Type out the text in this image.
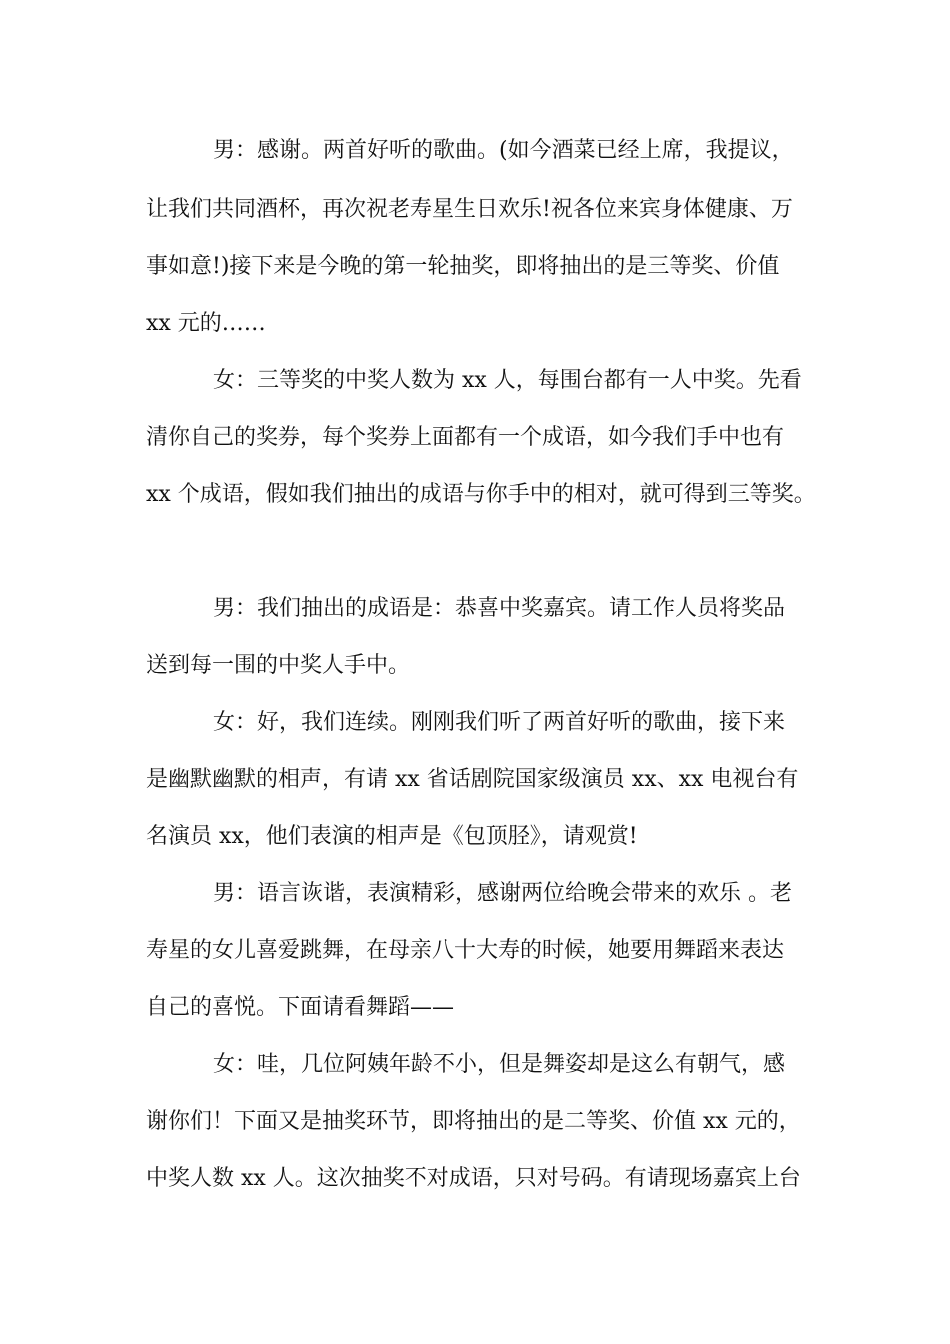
男：感谢。两首好听的歌曲。(如今酒菜已经上席，我提议，
让我们共同酒杯，再次祝老寿星生日欢乐!祝各位来宾身体健康、万
事如意!)接下来是今晚的第一轮抽奖，即将抽出的是三等奖、价值
xx 元的……
女：三等奖的中奖人数为 xx 人，每围台都有一人中奖。先看
清你自己的奖券，每个奖券上面都有一个成语，如今我们手中也有
xx 个成语，假如我们抽出的成语与你手中的相对，就可得到三等奖。
男：我们抽出的成语是：恭喜中奖嘉宾。请工作人员将奖品
送到每一围的中奖人手中。
女：好，我们连续。刚刚我们听了两首好听的歌曲，接下来
是幽默幽默的相声，有请 xx 省话剧院国家级演员 xx、xx 电视台有
名演员 xx，他们表演的相声是《包顶胫》，请观赏!
男：语言诙谐，表演精彩，感谢两位给晚会带来的欢乐 。老
寿星的女儿喜爱跳舞，在母亲八十大寿的时候，她要用舞蹈来表达
自己的喜悦。下面请看舞蹈——
女：哇，几位阿姨年龄不小，但是舞姿却是这么有朝气，感
谢你们！下面又是抽奖环节，即将抽出的是二等奖、价值 xx 元的，
中奖人数 xx 人。这次抽奖不对成语，只对号码。有请现场嘉宾上台
